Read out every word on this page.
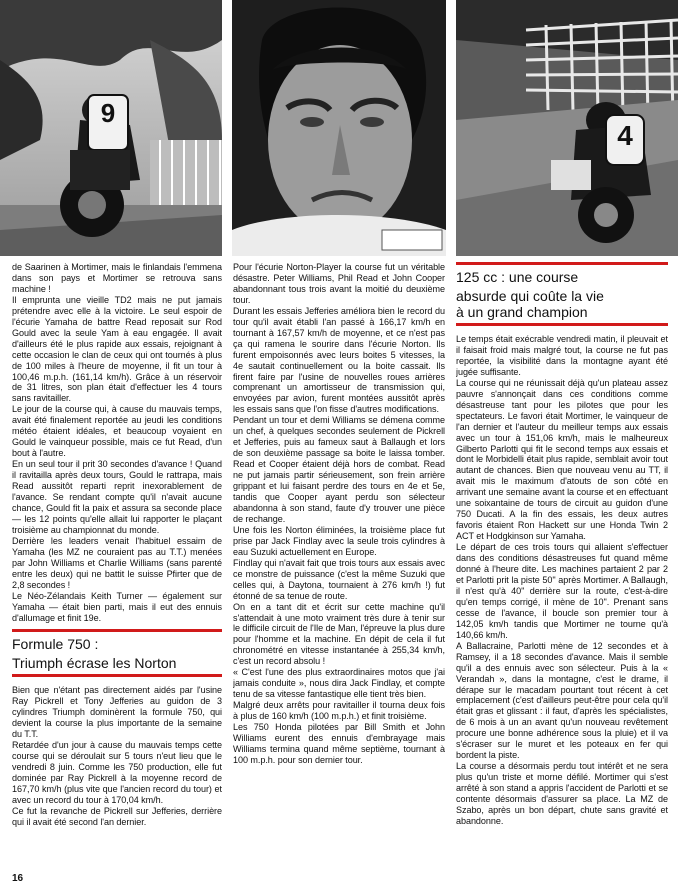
9
4

de Saarinen à Mortimer, mais le finlandais l'emmena dans son pays et Mortimer se retrouva sans machine !

Il emprunta une vieille TD2 mais ne put jamais prétendre avec elle à la victoire. Le seul espoir de l'écurie Yamaha de battre Read reposait sur Rod Gould avec la seule Yam à eau engagée. Il avait d'ailleurs été le plus rapide aux essais, rejoignant à cette occasion le clan de ceux qui ont tournés à plus de 100 miles à l'heure de moyenne, il fit un tour à 100,46 m.p.h. (161,14 km/h). Grâce à un réservoir de 31 litres, son plan était d'effectuer les 4 tours sans ravitailler.

Le jour de la course qui, à cause du mauvais temps, avait été finalement reportée au jeudi les conditions météo étaient idéales, et beaucoup voyaient en Gould le vainqueur possible, mais ce fut Read, d'un bout à l'autre.

En un seul tour il prit 30 secondes d'avance ! Quand il ravitailla après deux tours, Gould le rattrapa, mais Read aussitôt reparti reprit inexorablement de l'avance. Se rendant compte qu'il n'avait aucune chance, Gould fit la paix et assura sa seconde place — les 12 points qu'elle allait lui rapporter le plaçant troisième au championnat du monde.

Derrière les leaders venait l'habituel essaim de Yamaha (les MZ ne couraient pas au T.T.) menées par John Williams et Charlie Williams (sans parenté entre les deux) qui ne battit le suisse Pfirter que de 2,8 secondes !

Le Néo-Zélandais Keith Turner — également sur Yamaha — était bien parti, mais il eut des ennuis d'allumage et finit 19e.

Formule 750 :
Triumph écrase les Norton

Bien que n'étant pas directement aidés par l'usine Ray Pickrell et Tony Jefferies au guidon de 3 cylindres Triumph dominèrent la formule 750, qui devient la course la plus importante de la semaine du T.T.

Retardée d'un jour à cause du mauvais temps cette course qui se déroulait sur 5 tours n'eut lieu que le vendredi 8 juin. Comme les 750 production, elle fut dominée par Ray Pickrell à la moyenne record de 167,70 km/h (plus vite que l'ancien record du tour) et avec un record du tour à 170,04 km/h.

Ce fut la revanche de Pickrell sur Jefferies, derrière qui il avait été second l'an dernier.

Pour l'écurie Norton-Player la course fut un véritable désastre. Peter Williams, Phil Read et John Cooper abandonnant tous trois avant la moitié du deuxième tour.

Durant les essais Jefferies améliora bien le record du tour qu'il avait établi l'an passé à 166,17 km/h en tournant à 167,57 km/h de moyenne, et ce n'est pas ça qui ramena le sourire dans l'écurie Norton. Ils furent empoisonnés avec leurs boites 5 vitesses, la 4e sautait continuellement ou la boite cassait. Ils firent faire par l'usine de nouvelles roues arrières comprenant un amortisseur de transmission qui, envoyées par avion, furent montées aussitôt après les essais sans que l'on fisse d'autres modifications.

Pendant un tour et demi Williams se démena comme un chef, à quelques secondes seulement de Pickrell et Jefferies, puis au fameux saut à Ballaugh et lors de son deuxième passage sa boite le laissa tomber. Read et Cooper étaient déjà hors de combat. Read ne put jamais partir sérieusement, son frein arrière grippant et lui faisant perdre des tours en 4e et 5e, tandis que Cooper ayant perdu son sélecteur abandonna à son stand, faute d'y trouver une pièce de rechange.

Une fois les Norton éliminées, la troisième place fut prise par Jack Findlay avec la seule trois cylindres à eau Suzuki actuellement en Europe.

Findlay qui n'avait fait que trois tours aux essais avec ce monstre de puissance (c'est la même Suzuki que celles qui, à Daytona, tournaient à 276 km/h !) fut étonné de sa tenue de route.

On en a tant dit et écrit sur cette machine qu'il s'attendait à une moto vraiment très dure à tenir sur le difficile circuit de l'Ile de Man, l'épreuve la plus dure pour l'homme et la machine. En dépit de cela il fut chronométré en vitesse instantanée à 255,34 km/h, c'est un record absolu !

« C'est l'une des plus extraordinaires motos que j'ai jamais conduite », nous dira Jack Findlay, et compte tenu de sa vitesse fantastique elle tient très bien.

Malgré deux arrêts pour ravitailler il tourna deux fois à plus de 160 km/h (100 m.p.h.) et finit troisième.

Les 750 Honda pilotées par Bill Smith et John Williams eurent des ennuis d'embrayage mais Williams termina quand même septième, tournant à 100 m.p.h. pour son dernier tour.

125 cc : une course
absurde qui coûte la vie
à un grand champion

Le temps était exécrable vendredi matin, il pleuvait et il faisait froid mais malgré tout, la course ne fut pas reportée, la visibilité dans la montagne ayant été jugée suffisante.

La course qui ne réunissait déjà qu'un plateau assez pauvre s'annonçait dans ces conditions comme désastreuse tant pour les pilotes que pour les spectateurs. Le favori était Mortimer, le vainqueur de l'an dernier et l'auteur du meilleur temps aux essais avec un tour à 151,06 km/h, mais le malheureux Gilberto Parlotti qui fit le second temps aux essais et dont le Morbidelli était plus rapide, semblait avoir tout autant de chances. Bien que nouveau venu au TT, il avait mis le maximum d'atouts de son côté en arrivant une semaine avant la course et en effectuant une soixantaine de tours de circuit au guidon d'une 750 Ducati. A la fin des essais, les deux autres favoris étaient Ron Hackett sur une Honda Twin 2 ACT et Hodgkinson sur Yamaha.

Le départ de ces trois tours qui allaient s'effectuer dans des conditions désastreuses fut quand même donné à l'heure dite. Les machines partaient 2 par 2 et Parlotti prit la piste 50'' après Mortimer. A Ballaugh, il n'est qu'à 40'' derrière sur la route, c'est-à-dire qu'en temps corrigé, il mène de 10''. Prenant sans cesse de l'avance, il boucle son premier tour à 142,05 km/h tandis que Mortimer ne tourne qu'à 140,66 km/h.

A Ballacraine, Parlotti mène de 12 secondes et à Ramsey, il a 18 secondes d'avance. Mais il semble qu'il a des ennuis avec son sélecteur. Puis à la « Verandah », dans la montagne, c'est le drame, il dérape sur le macadam pourtant tout récent à cet emplacement (c'est d'ailleurs peut-être pour cela qu'il était gras et glissant : il faut, d'après les spécialistes, de 6 mois à un an avant qu'un nouveau revêtement procure une bonne adhérence sous la pluie) et il va s'écraser sur le muret et les poteaux en fer qui bordent la piste.

La course a désormais perdu tout intérêt et ne sera plus qu'un triste et morne défilé. Mortimer qui s'est arrêté à son stand a appris l'accident de Parlotti et se contente désormais d'assurer sa place. La MZ de Szabo, après un bon départ, chute sans gravité et abandonne.

16
